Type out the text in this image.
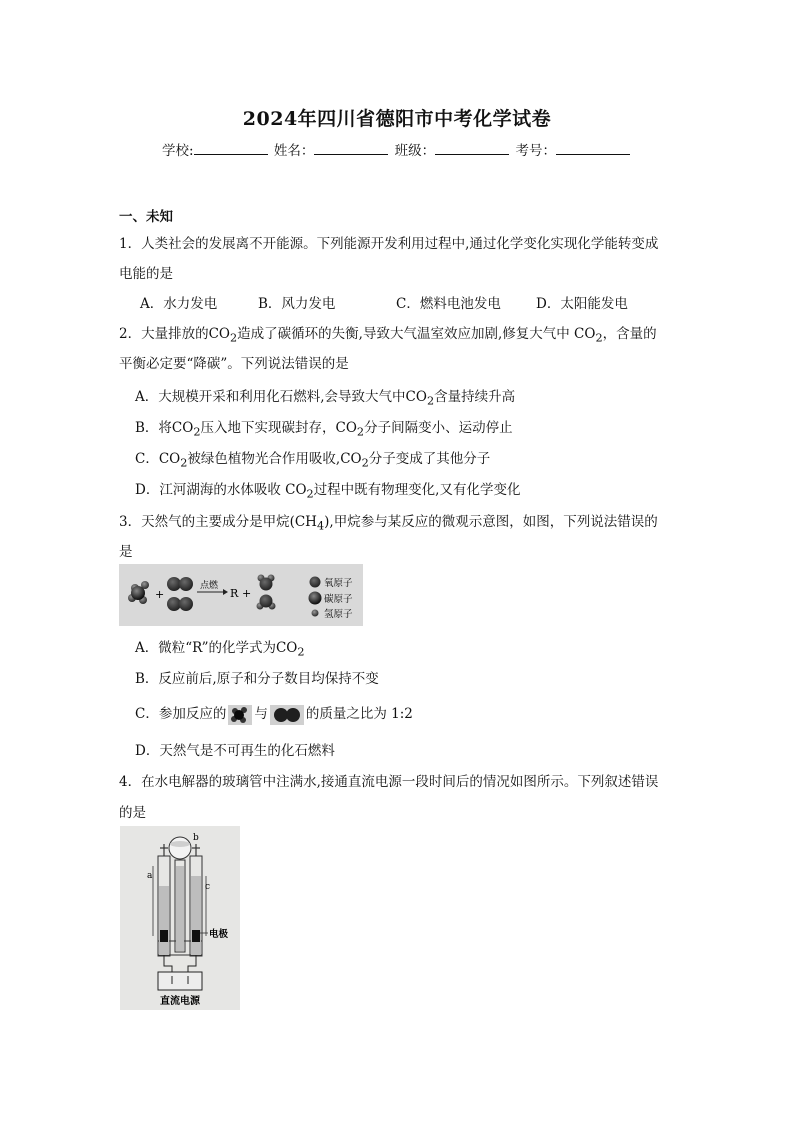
2024年四川省德阳市中考化学试卷
学校:	姓名：	班级：	考号：
一、未知
1．人类社会的发展离不开能源。下列能源开发利用过程中,通过化学变化实现化学能转变成
电能的是
A．水力发电	B．风力发电	C．燃料电池发电	D．太阳能发电
2．大量排放的$CO_2$造成了碳循环的失衡,导致大气温室效应加剧,修复大气中 $CO_2$，含量的
平衡必定要“降碳”。下列说法错误的是
A．大规模开采和利用化石燃料,会导致大气中$CO_2$含量持续升高
B．将$CO_2$压入地下实现碳封存，$CO_2$分子间隔变小、运动停止
C．$CO_2$被绿色植物光合作用吸收$,CO_2$分子变成了其他分子
D．江河湖海的水体吸收 $CO_2$过程中既有物理变化,又有化学变化
3．天然气的主要成分是甲烷$(CH_4)$,甲烷参与某反应的微观示意图，如图，下列说法错误的
是
+
点燃
R +
氧原子
碳原子
氢原子
A．微粒“R”的化学式为$CO_2$
B．反应前后,原子和分子数目均保持不变
C．参加反应的 与	的质量之比为 1:2
D．天然气是不可再生的化石燃料
4．在水电解器的玻璃管中注满水,接通直流电源一段时间后的情况如图所示。下列叙述错误
的是
a
b
c
电极
直流电源
